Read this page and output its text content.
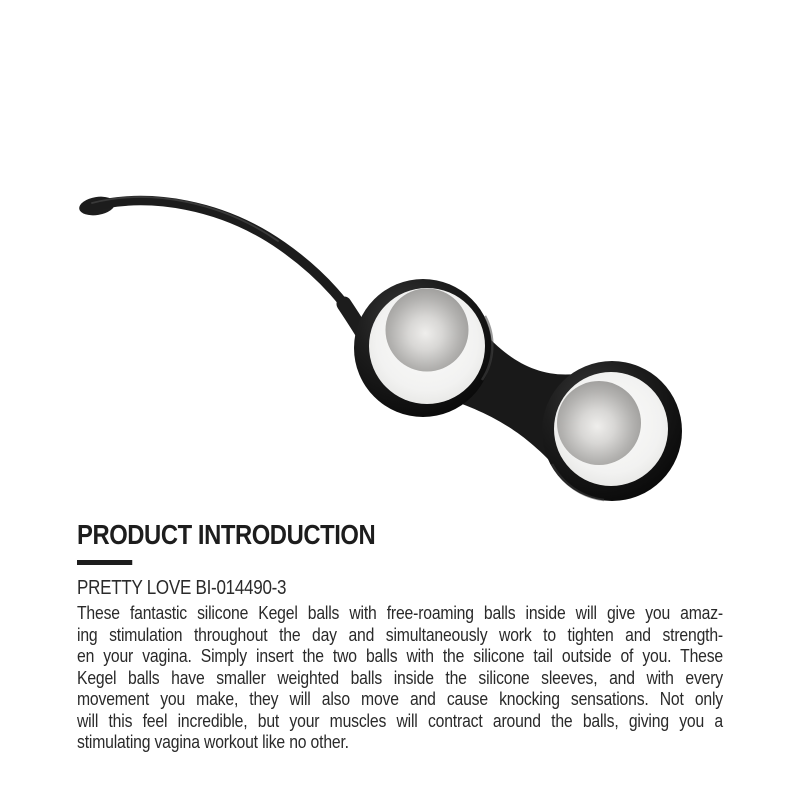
PRODUCT INTRODUCTION
PRETTY LOVE BI-014490-3
These fantastic silicone Kegel balls with free-roaming balls inside will give you amaz-
ing stimulation throughout the day and simultaneously work to tighten and strength-
en your vagina. Simply insert the two balls with the silicone tail outside of you. These
Kegel balls have smaller weighted balls inside the silicone sleeves, and with every
movement you make, they will also move and cause knocking sensations. Not only
will this feel incredible, but your muscles will contract around the balls, giving you a
stimulating vagina workout like no other.
